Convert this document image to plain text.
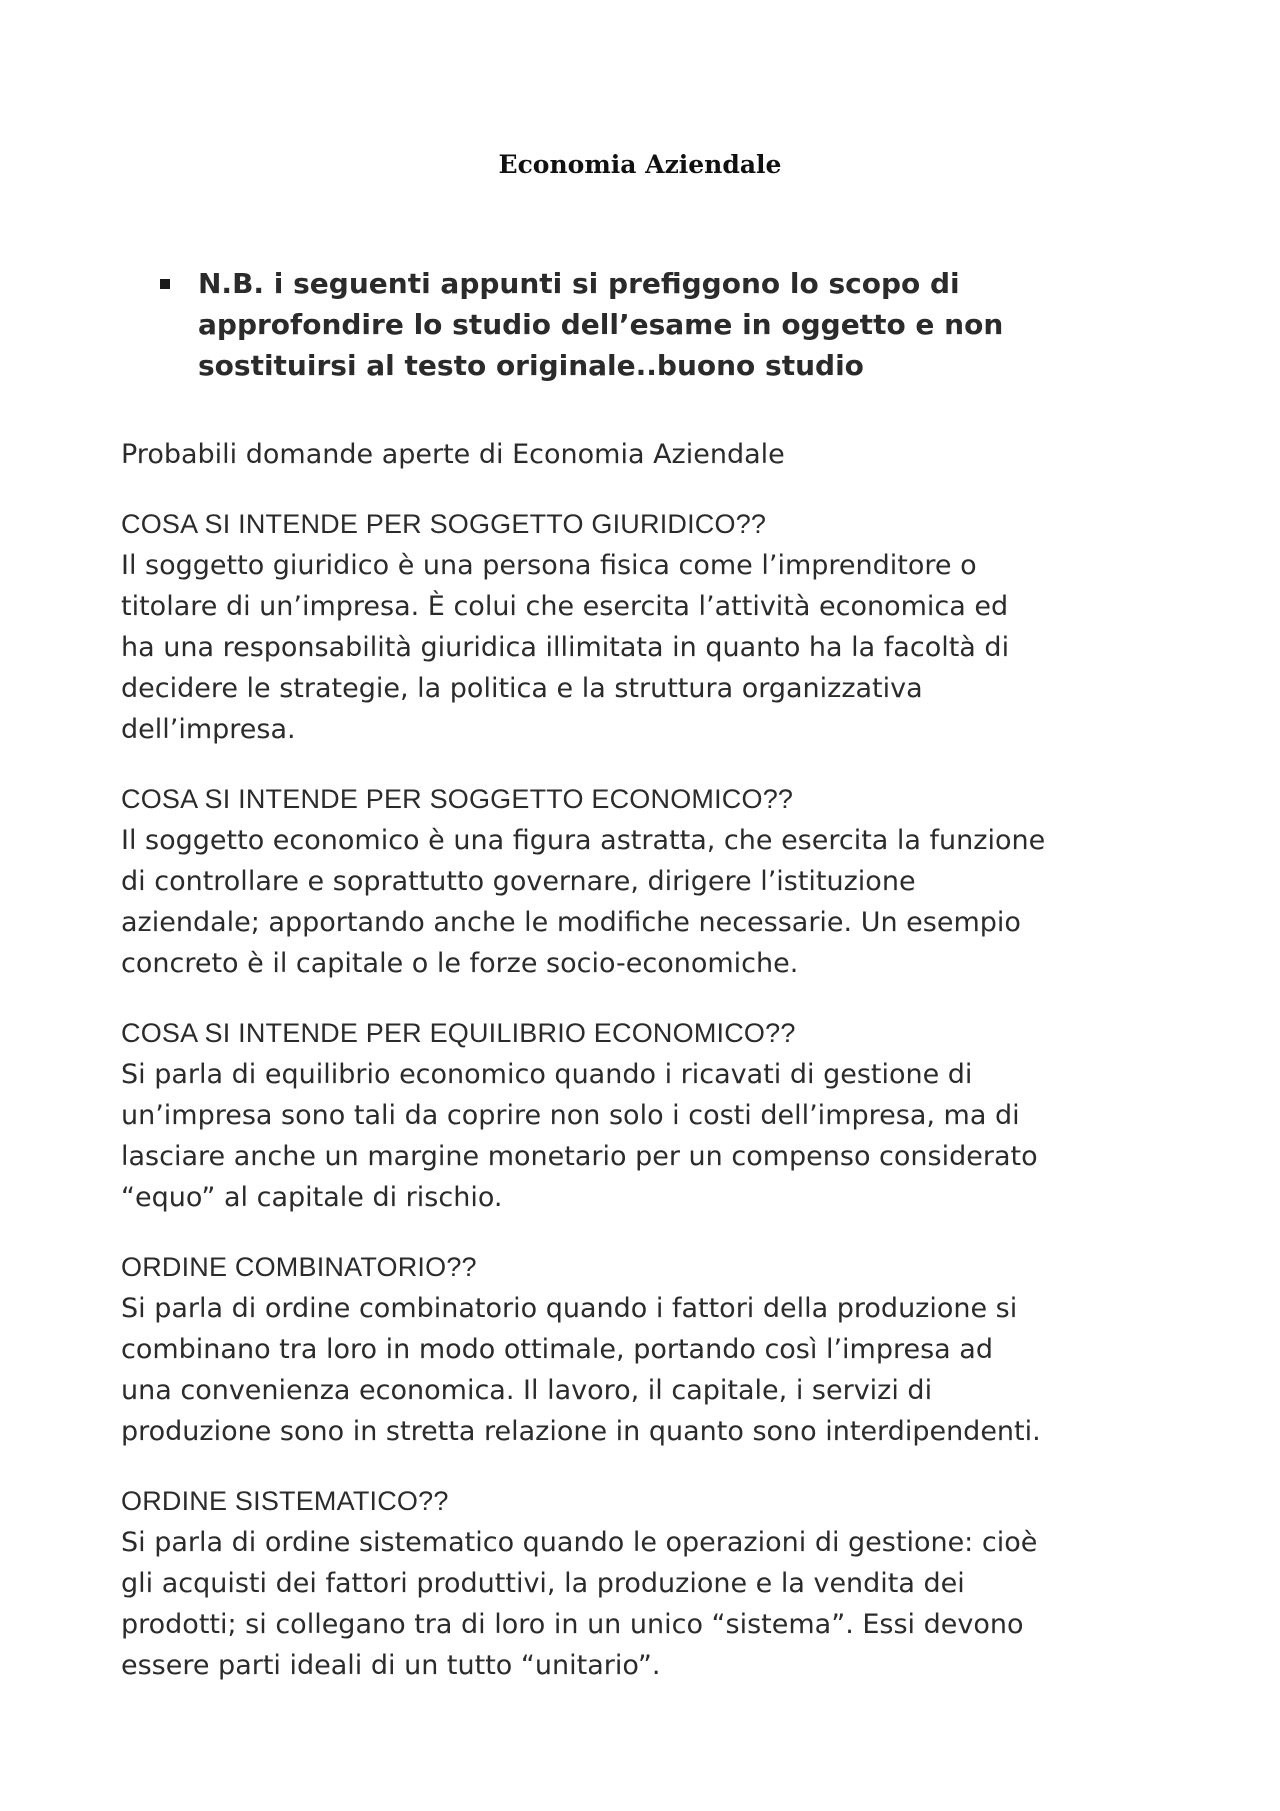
Economia Aziendale

N.B. i seguenti appunti si prefiggono lo scopo di approfondire lo studio dell’esame in oggetto e non sostituirsi al testo originale..buono studio

Probabili domande aperte di Economia Aziendale

COSA SI INTENDE PER SOGGETTO GIURIDICO??

Il soggetto giuridico è una persona fisica come l’imprenditore o

titolare di un’impresa. È colui che esercita l’attività economica ed

ha una responsabilità giuridica illimitata in quanto ha la facoltà di

decidere le strategie, la politica e la struttura organizzativa

dell’impresa.

COSA SI INTENDE PER SOGGETTO ECONOMICO??

Il soggetto economico è una figura astratta, che esercita la funzione

di controllare e soprattutto governare, dirigere l’istituzione

aziendale; apportando anche le modifiche necessarie. Un esempio

concreto è il capitale o le forze socio-economiche.

COSA SI INTENDE PER EQUILIBRIO ECONOMICO??

Si parla di equilibrio economico quando i ricavati di gestione di

un’impresa sono tali da coprire non solo i costi dell’impresa, ma di

lasciare anche un margine monetario per un compenso considerato

“equo” al capitale di rischio.

ORDINE COMBINATORIO??

Si parla di ordine combinatorio quando i fattori della produzione si

combinano tra loro in modo ottimale, portando così l’impresa ad

una convenienza economica. Il lavoro, il capitale, i servizi di

produzione sono in stretta relazione in quanto sono interdipendenti.

ORDINE SISTEMATICO??

Si parla di ordine sistematico quando le operazioni di gestione: cioè

gli acquisti dei fattori produttivi, la produzione e la vendita dei

prodotti; si collegano tra di loro in un unico “sistema”. Essi devono

essere parti ideali di un tutto “unitario”.
